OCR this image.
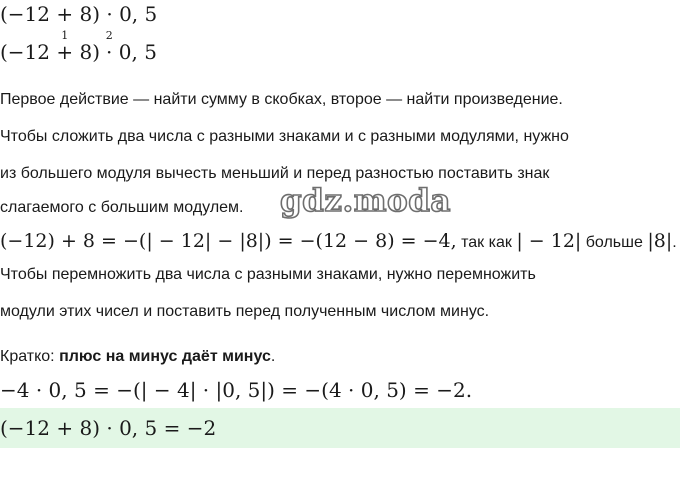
(−12 + 8) · 0, 5
(−12
1
+ 8)
2
· 0, 5
Первое действие — найти сумму в скобках, второе — найти произведение.
Чтобы сложить два числа с разными знаками и с разными модулями, нужно
из большего модуля вычесть меньший и перед разностью поставить знак
слагаемого с большим модулем. gdz.moda
(−12) + 8 = −(| − 12| − |8|) = −(12 − 8) = −4, так как | − 12| больше |8|.
Чтобы перемножить два числа с разными знаками, нужно перемножить
модули этих чисел и поставить перед полученным числом минус.
Кратко: плюс на минус даёт минус.
−4 · 0, 5 = −(| − 4| · |0, 5|) = −(4 · 0, 5) = −2.
(−12 + 8) · 0, 5 = −2
